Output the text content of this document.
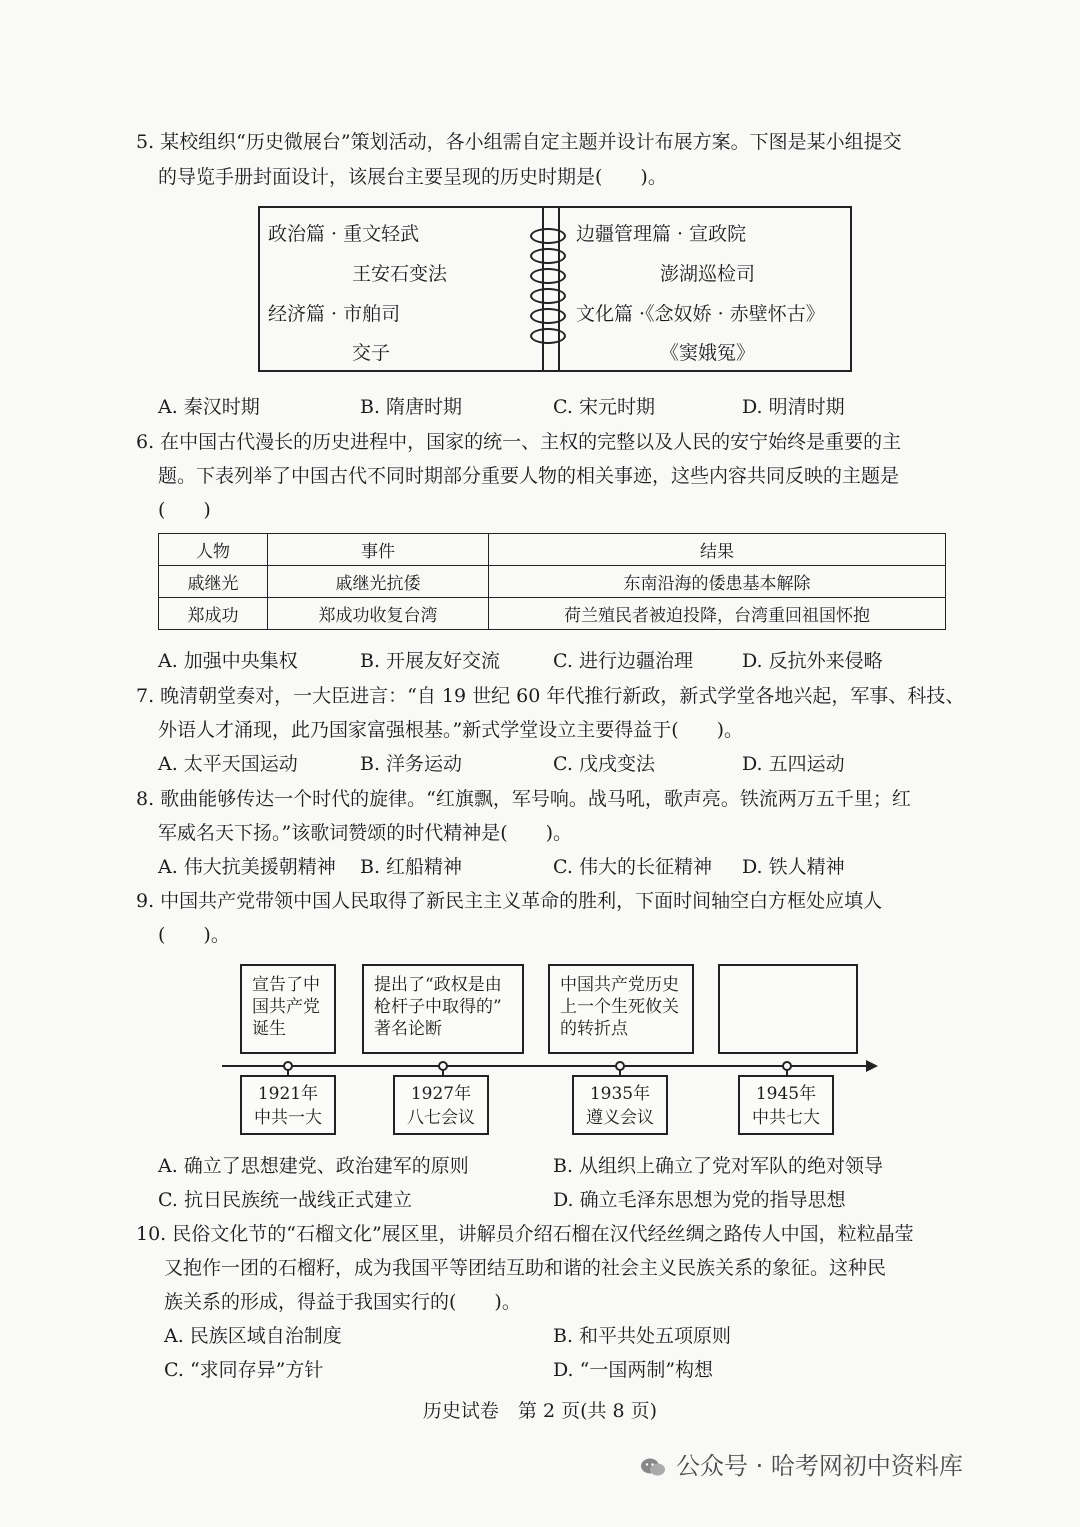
5. 某校组织“历史微展台”策划活动，各小组需自定主题并设计布展方案。下图是某小组提交
的导览手册封面设计，该展台主要呈现的历史时期是(　　)。
政治篇 · 重文轻武
王安石变法
经济篇 · 市舶司
交子
边疆管理篇 · 宣政院
澎湖巡检司
文化篇 ·《念奴娇 · 赤壁怀古》
《窦娥冤》
A. 秦汉时期	B. 隋唐时期	C. 宋元时期	D. 明清时期
6. 在中国古代漫长的历史进程中，国家的统一、主权的完整以及人民的安宁始终是重要的主
题。下表列举了中国古代不同时期部分重要人物的相关事迹，这些内容共同反映的主题是
(　　)
人物	事件	结果
戚继光	戚继光抗倭	东南沿海的倭患基本解除
郑成功	郑成功收复台湾	荷兰殖民者被迫投降，台湾重回祖国怀抱
A. 加强中央集权	B. 开展友好交流	C. 进行边疆治理	D. 反抗外来侵略
7. 晚清朝堂奏对，一大臣进言：“自 19 世纪 60 年代推行新政，新式学堂各地兴起，军事、科技、
外语人才涌现，此乃国家富强根基。”新式学堂设立主要得益于(　　)。
A. 太平天国运动	B. 洋务运动	C. 戊戌变法	D. 五四运动
8. 歌曲能够传达一个时代的旋律。“红旗飘，军号响。战马吼，歌声亮。铁流两万五千里；红
军威名天下扬。”该歌词赞颂的时代精神是(　　)。
A. 伟大抗美援朝精神 B. 红船精神	C. 伟大的长征精神 D. 铁人精神
9. 中国共产党带领中国人民取得了新民主主义革命的胜利，下面时间轴空白方框处应填人
(　　)。
宣告了中
国共产党
诞生
提出了“政权是由
枪杆子中取得的”
著名论断
中国共产党历史
上一个生死攸关
的转折点
1921年
中共一大
1927年
八七会议
1935年
遵义会议
1945年
中共七大
A. 确立了思想建党、政治建军的原则	B. 从组织上确立了党对军队的绝对领导
C. 抗日民族统一战线正式建立	D. 确立毛泽东思想为党的指导思想
10. 民俗文化节的“石榴文化”展区里，讲解员介绍石榴在汉代经丝绸之路传人中国，粒粒晶莹
又抱作一团的石榴籽，成为我国平等团结互助和谐的社会主义民族关系的象征。这种民
族关系的形成，得益于我国实行的(　　)。
A. 民族区域自治制度	B. 和平共处五项原则
C. “求同存异”方针	D. “一国两制”构想
历史试卷　第 2 页(共 8 页)
公众号 · 哈考网初中资料库
